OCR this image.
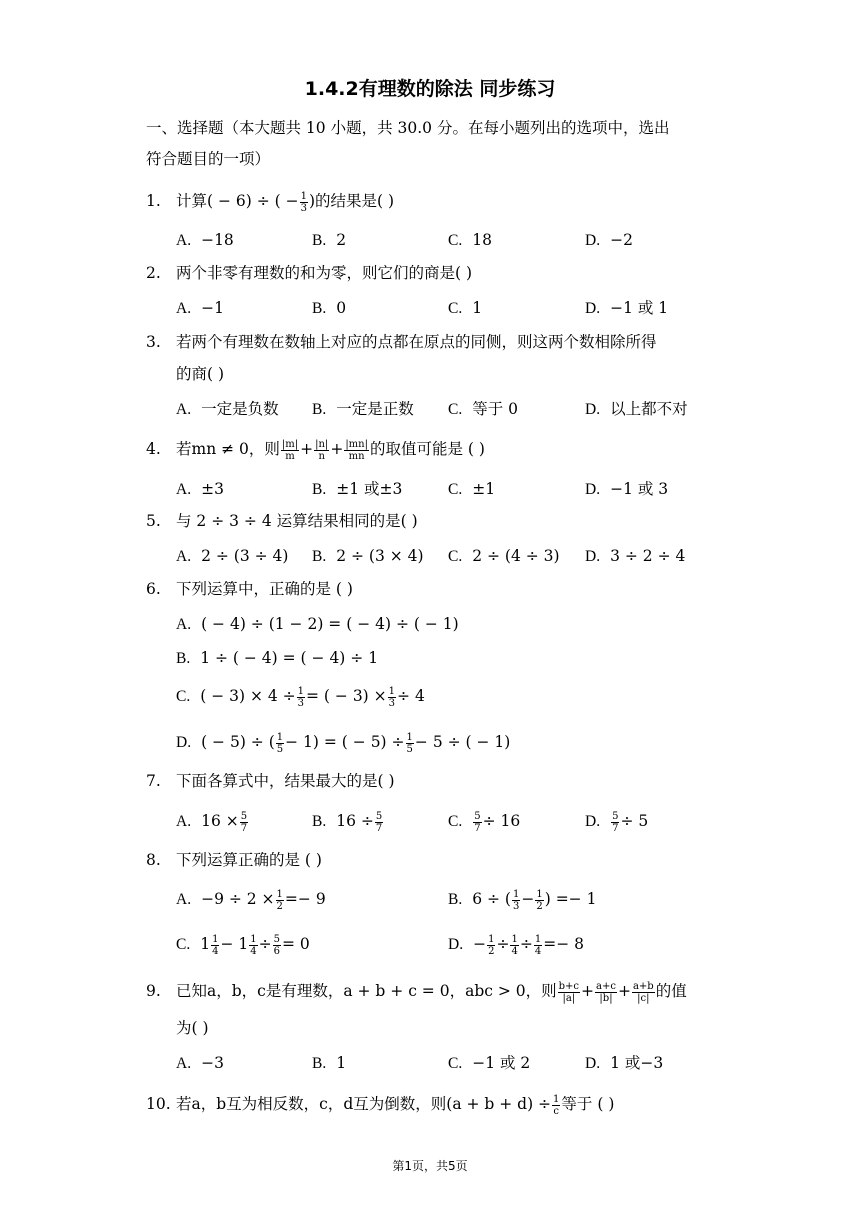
1.4.2有理数的除法 同步练习
一、选择题（本大题共 10 小题，共 30.0 分。在每小题列出的选项中，选出
符合题目的一项）
1. 计算( − 6) ÷ ( − $\frac{1}{3}$ )的结果是( )
A. −18	B. 2	C. 18	D. −2
2. 两个非零有理数的和为零，则它们的商是( )
A. −1	B. 0	C. 1	D. −1 或 1
3. 若两个有理数在数轴上对应的点都在原点的同侧，则这两个数相除所得
的商( )
A. 一定是负数 B. 一定是正数 C. 等于 0	D. 以上都不对
4. 若mn ≠ 0，则 $\frac{|m|}{m} + \frac{|n|}{n} + \frac{|mn|}{mn}$ 的取值可能是 ( )
A. ±3	B. ±1 或±3	C. ±1	D. −1 或 3
5. 与 2 ÷ 3 ÷ 4 运算结果相同的是( )
A. 2 ÷ (3 ÷ 4) B. 2 ÷ (3 × 4) C. 2 ÷ (4 ÷ 3) D. 3 ÷ 2 ÷ 4
6. 下列运算中，正确的是 ( )
A. ( − 4) ÷ (1 − 2) = ( − 4) ÷ ( − 1)
B. 1 ÷ ( − 4) = ( − 4) ÷ 1
C. ( − $3) \times 4 \div \frac{1}{3}$ = ( − $3) \times \frac{1}{3} \div 4$
D. ( − 5) ÷ ( $\frac{1}{5} - 1$) = ( − $5) \div \frac{1}{5} - 5$ ÷ ( − 1)
7. 下面各算式中，结果最大的是( )
A. $16 \times \frac{5}{7}$	B. $16 \div \frac{5}{7}$	C. $\frac{5}{7} \div 16$	D. $\frac{5}{7} \div 5$
8. 下列运算正确的是 ( )
A. $-9 \div 2 \times \frac{1}{2} =- 9$	B. 6 ÷ ( $\frac{1}{3} - \frac{1}{2}$ ) =− 1
C. $1 \frac{1}{4} - 1 \frac{1}{4} \div \frac{5}{6} = 0$	D. − $\frac{1}{2} \div \frac{1}{4} \div \frac{1}{4} =- 8$
9. 已知a，b，c是有理数，a + b + c = 0，abc > 0，则 $\frac{b+c}{|a|} + \frac{a+c}{|b|} + \frac{a+b}{|c|}$ 的值
为( )
A. −3	B. 1	C. −1 或 2	D. 1 或−3
10. 若a，b互为相反数，c，d互为倒数，则$(a + b + d) \div \frac{1}{c}$ 等于 ( )
第1页，共5页
